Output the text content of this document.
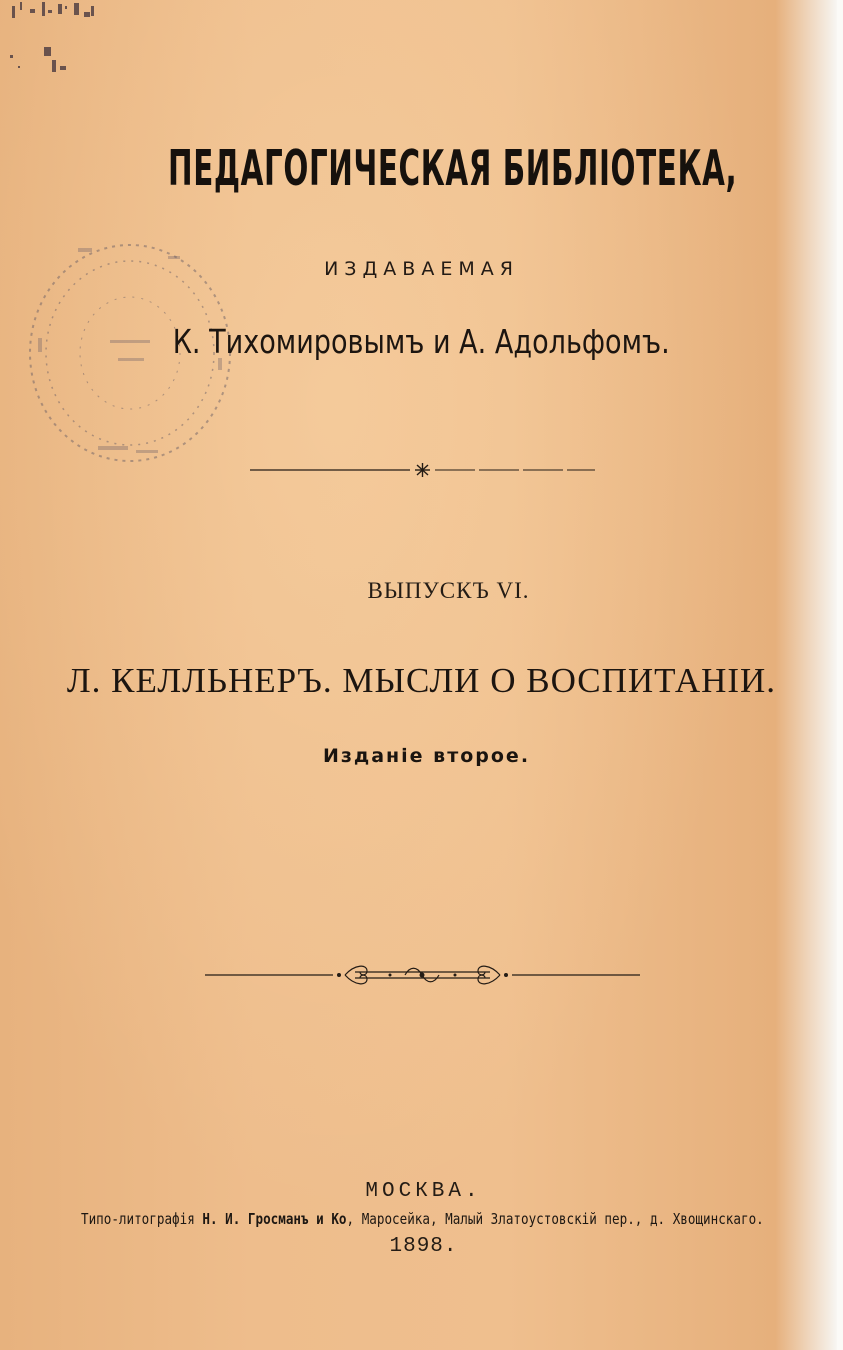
ПЕДАГОГИЧЕСКАЯ БИБЛІОТЕКА,
ИЗДАВАЕМАЯ
К. Тихомировымъ и А. Адольфомъ.
ВЫПУСКЪ VI.
Л. КЕЛЛЬНЕРЪ. МЫСЛИ О ВОСПИТАНІИ.
Изданіе второе.
МОСКВА.
Типо-литографія Н. И. Гросманъ и Ко, Маросейка, Малый Златоустовскій пер., д. Хвощинскаго.
1898.
